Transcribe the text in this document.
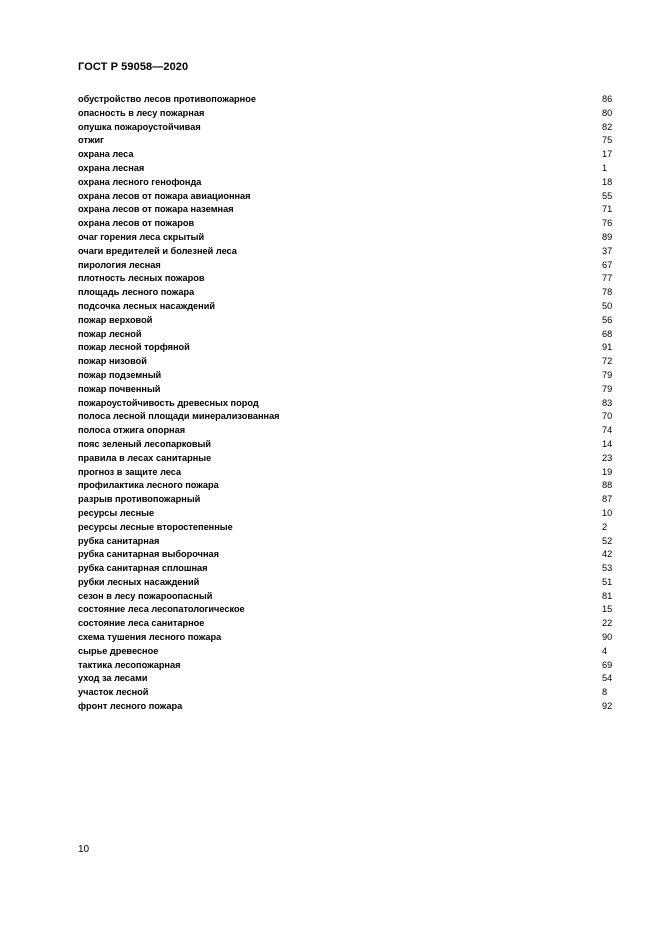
ГОСТ Р 59058—2020
обустройство лесов противопожарное	86
опасность в лесу пожарная	80
опушка пожароустойчивая	82
отжиг	75
охрана леса	17
охрана лесная	1
охрана лесного генофонда	18
охрана лесов от пожара авиационная	55
охрана лесов от пожара наземная	71
охрана лесов от пожаров	76
очаг горения леса скрытый	89
очаги вредителей и болезней леса	37
пирология лесная	67
плотность лесных пожаров	77
площадь лесного пожара	78
подсочка лесных насаждений	50
пожар верховой	56
пожар лесной	68
пожар лесной торфяной	91
пожар низовой	72
пожар подземный	79
пожар почвенный	79
пожароустойчивость древесных пород	83
полоса лесной площади минерализованная	70
полоса отжига опорная	74
пояс зеленый лесопарковый	14
правила в лесах санитарные	23
прогноз в защите леса	19
профилактика лесного пожара	88
разрыв противопожарный	87
ресурсы лесные	10
ресурсы лесные второстепенные	2
рубка санитарная	52
рубка санитарная выборочная	42
рубка санитарная сплошная	53
рубки лесных насаждений	51
сезон в лесу пожароопасный	81
состояние леса лесопатологическое	15
состояние леса санитарное	22
схема тушения лесного пожара	90
сырье древесное	4
тактика лесопожарная	69
уход за лесами	54
участок лесной	8
фронт лесного пожара	92
10
